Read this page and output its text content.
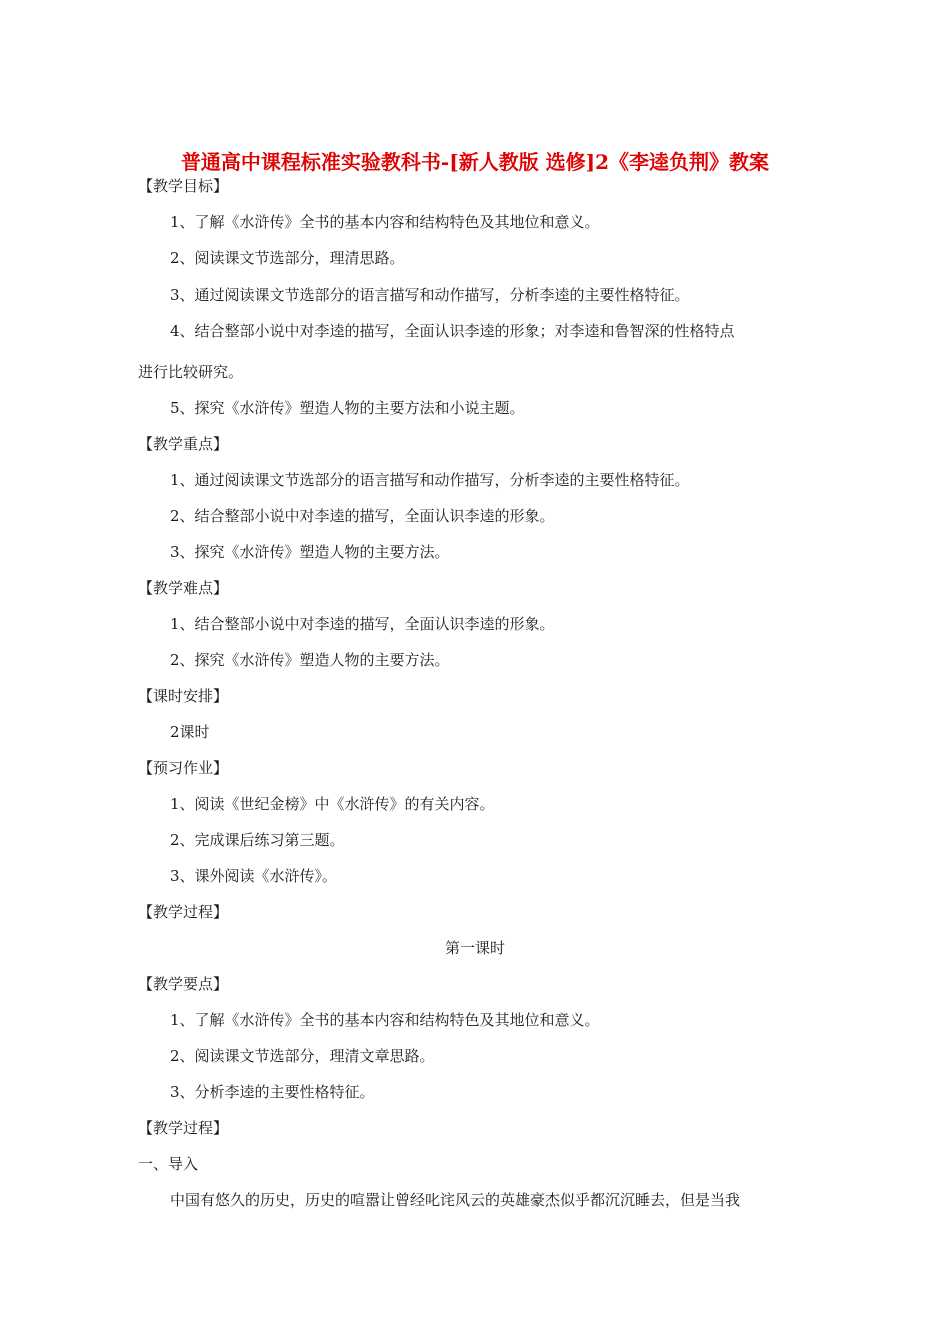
普通高中课程标准实验教科书-[新人教版 选修]2《李逵负荆》教案
【教学目标】
1、了解《水浒传》全书的基本内容和结构特色及其地位和意义。
2、阅读课文节选部分，理清思路。
3、通过阅读课文节选部分的语言描写和动作描写，分析李逵的主要性格特征。
4、结合整部小说中对李逵的描写，全面认识李逵的形象；对李逵和鲁智深的性格特点
进行比较研究。
5、探究《水浒传》塑造人物的主要方法和小说主题。
【教学重点】
1、通过阅读课文节选部分的语言描写和动作描写，分析李逵的主要性格特征。
2、结合整部小说中对李逵的描写，全面认识李逵的形象。
3、探究《水浒传》塑造人物的主要方法。
【教学难点】
1、结合整部小说中对李逵的描写，全面认识李逵的形象。
2、探究《水浒传》塑造人物的主要方法。
【课时安排】
2课时
【预习作业】
1、阅读《世纪金榜》中《水浒传》的有关内容。
2、完成课后练习第三题。
3、课外阅读《水浒传》。
【教学过程】
第一课时
【教学要点】
1、了解《水浒传》全书的基本内容和结构特色及其地位和意义。
2、阅读课文节选部分，理清文章思路。
3、分析李逵的主要性格特征。
【教学过程】
一、导入
中国有悠久的历史，历史的喧嚣让曾经叱诧风云的英雄豪杰似乎都沉沉睡去，但是当我
